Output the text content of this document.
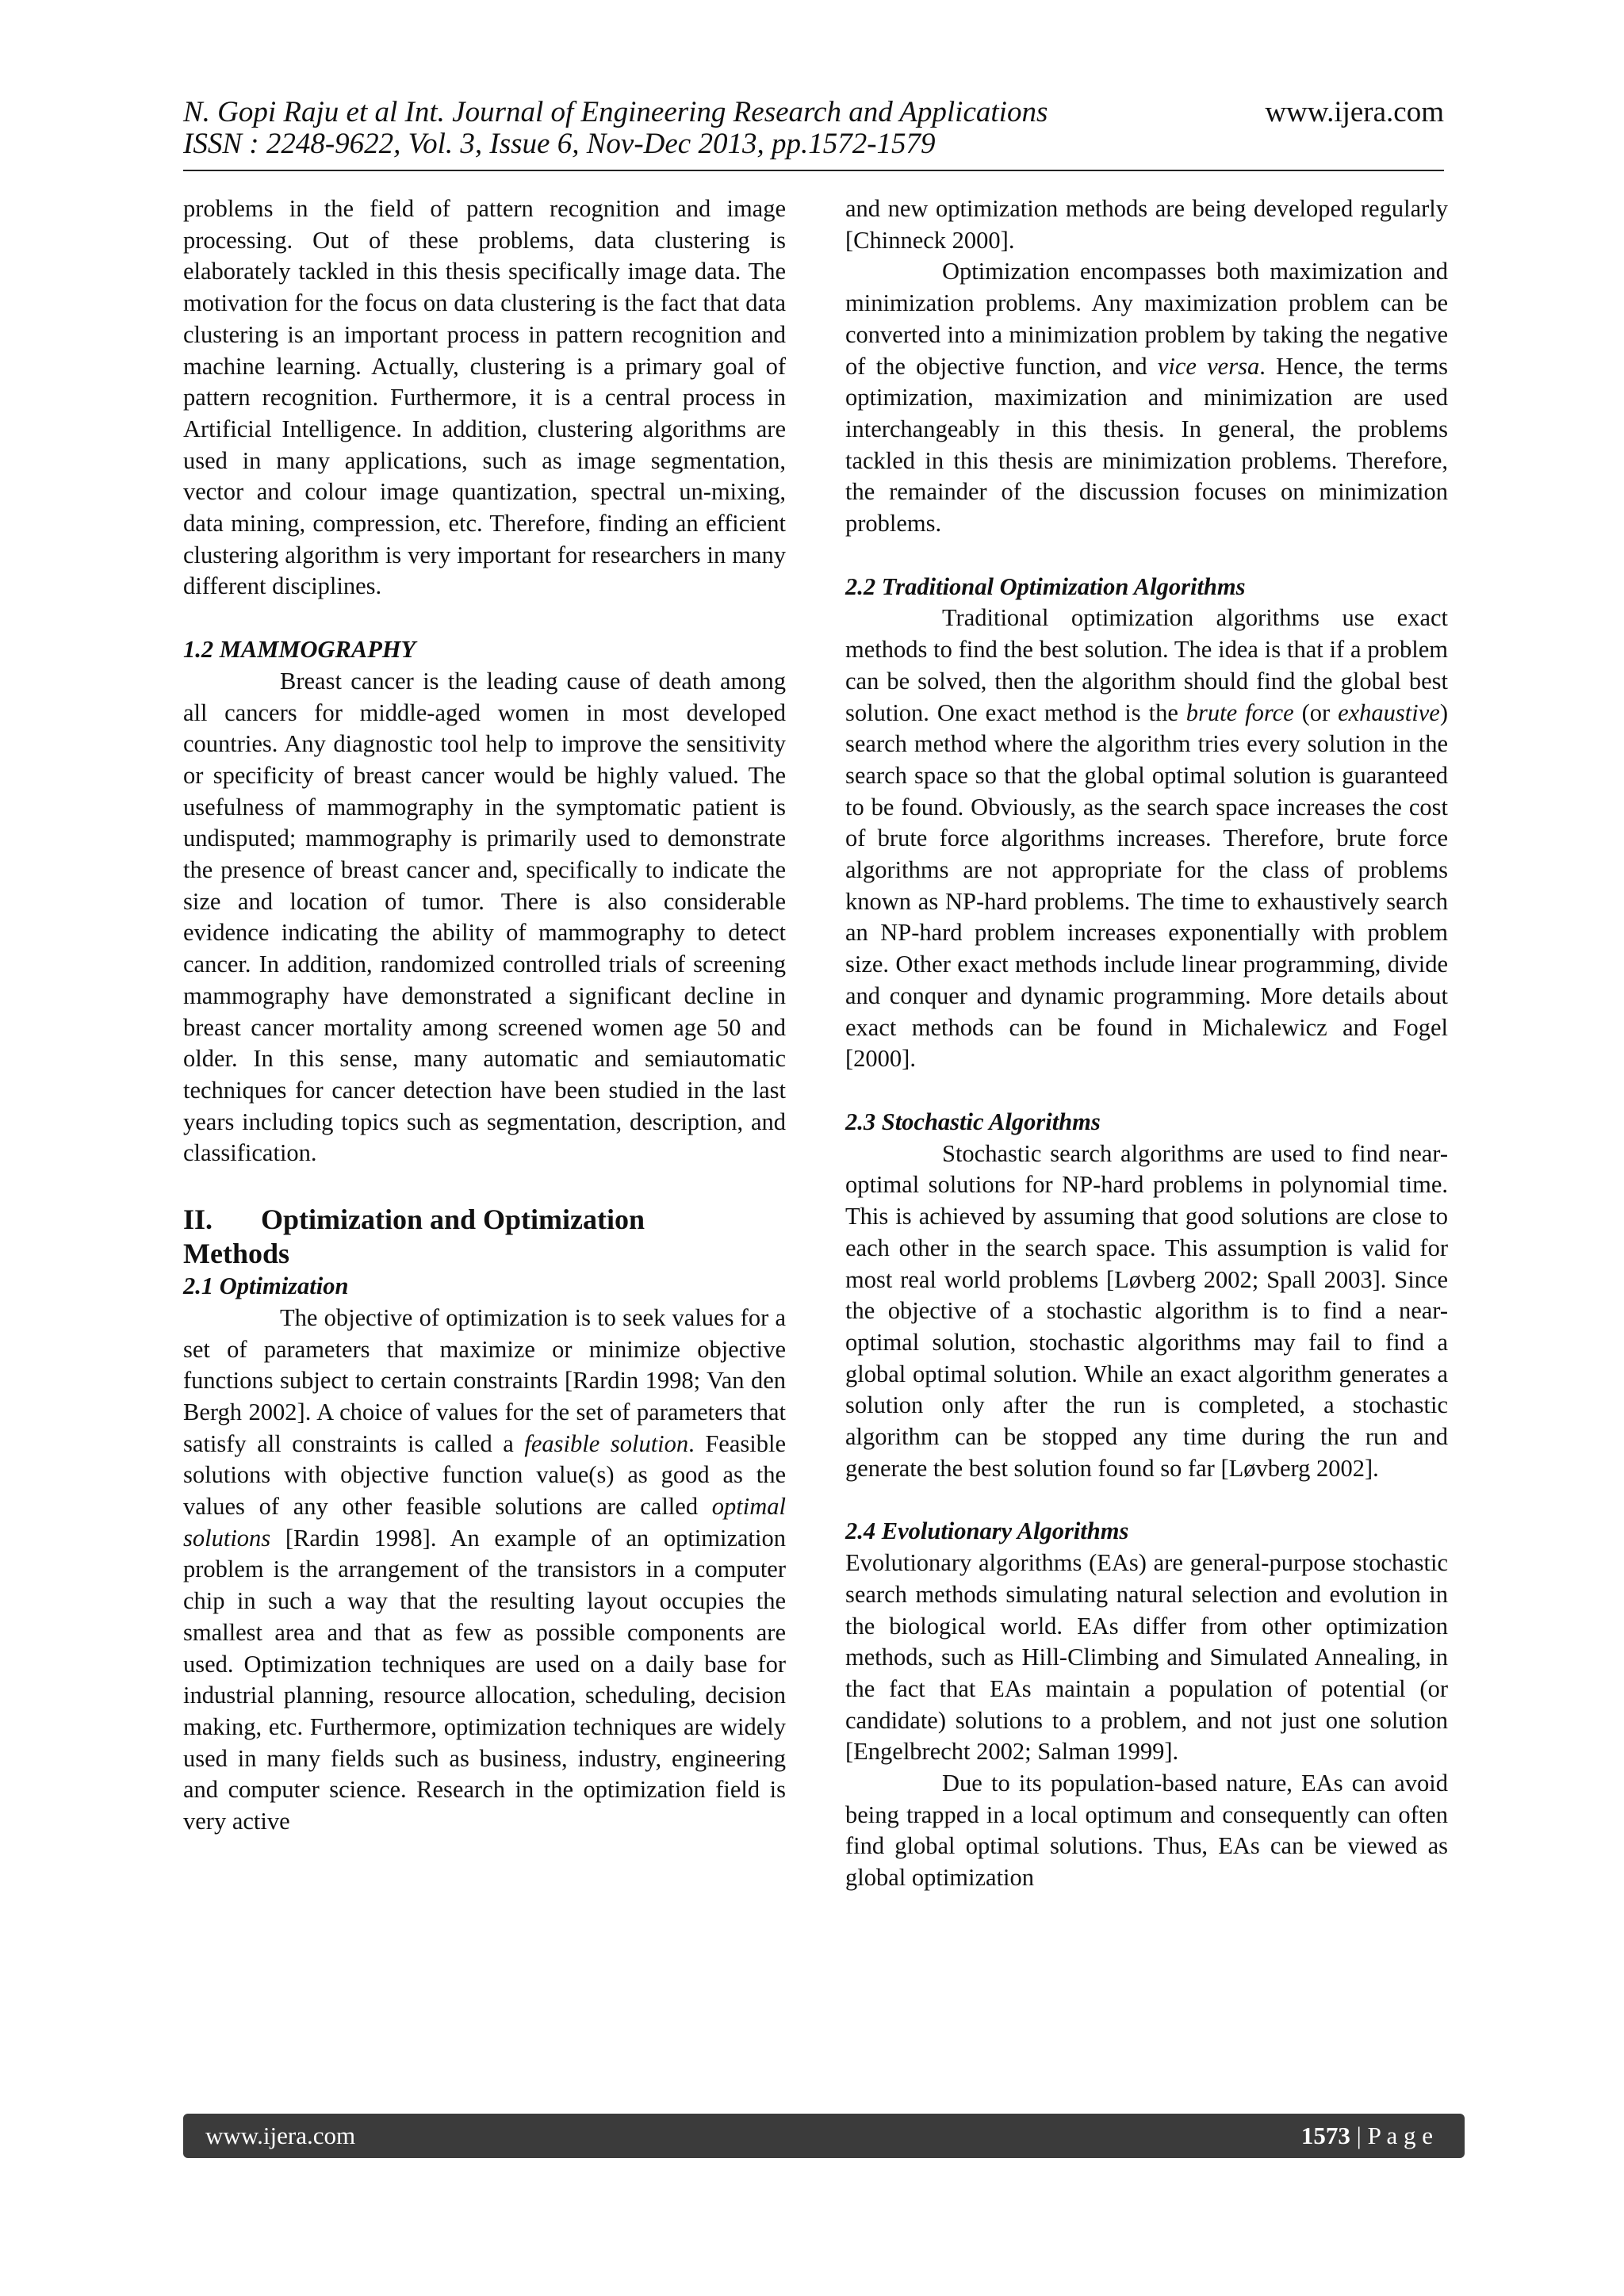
N. Gopi Raju et al Int. Journal of Engineering Research and Applications	www.ijera.com
ISSN : 2248-9622, Vol. 3, Issue 6, Nov-Dec 2013, pp.1572-1579

problems in the field of pattern recognition and image processing. Out of these problems, data clustering is elaborately tackled in this thesis specifically image data. The motivation for the focus on data clustering is the fact that data clustering is an important process in pattern recognition and machine learning. Actually, clustering is a primary goal of pattern recognition. Furthermore, it is a central process in Artificial Intelligence. In addition, clustering algorithms are used in many applications, such as image segmentation, vector and colour image quantization, spectral un-mixing, data mining, compression, etc. Therefore, finding an efficient clustering algorithm is very important for researchers in many different disciplines.

1.2 MAMMOGRAPHY

Breast cancer is the leading cause of death among all cancers for middle-aged women in most developed countries. Any diagnostic tool help to improve the sensitivity or specificity of breast cancer would be highly valued. The usefulness of mammography in the symptomatic patient is undisputed; mammography is primarily used to demonstrate the presence of breast cancer and, specifically to indicate the size and location of tumor. There is also considerable evidence indicating the ability of mammography to detect cancer. In addition, randomized controlled trials of screening mammography have demonstrated a significant decline in breast cancer mortality among screened women age 50 and older. In this sense, many automatic and semiautomatic techniques for cancer detection have been studied in the last years including topics such as segmentation, description, and classification.

II. Optimization and Optimization
Methods

2.1 Optimization

The objective of optimization is to seek values for a set of parameters that maximize or minimize objective functions subject to certain constraints [Rardin 1998; Van den Bergh 2002]. A choice of values for the set of parameters that satisfy all constraints is called a feasible solution. Feasible solutions with objective function value(s) as good as the values of any other feasible solutions are called optimal solutions [Rardin 1998]. An example of an optimization problem is the arrangement of the transistors in a computer chip in such a way that the resulting layout occupies the smallest area and that as few as possible components are used. Optimization techniques are used on a daily base for industrial planning, resource allocation, scheduling, decision making, etc. Furthermore, optimization techniques are widely used in many fields such as business, industry, engineering and computer science. Research in the optimization field is very active

and new optimization methods are being developed regularly [Chinneck 2000].

Optimization encompasses both maximization and minimization problems. Any maximization problem can be converted into a minimization problem by taking the negative of the objective function, and vice versa. Hence, the terms optimization, maximization and minimization are used interchangeably in this thesis. In general, the problems tackled in this thesis are minimization problems. Therefore, the remainder of the discussion focuses on minimization problems.

2.2 Traditional Optimization Algorithms

Traditional optimization algorithms use exact methods to find the best solution. The idea is that if a problem can be solved, then the algorithm should find the global best solution. One exact method is the brute force (or exhaustive) search method where the algorithm tries every solution in the search space so that the global optimal solution is guaranteed to be found. Obviously, as the search space increases the cost of brute force algorithms increases. Therefore, brute force algorithms are not appropriate for the class of problems known as NP-hard problems. The time to exhaustively search an NP-hard problem increases exponentially with problem size. Other exact methods include linear programming, divide and conquer and dynamic programming. More details about exact methods can be found in Michalewicz and Fogel [2000].

2.3 Stochastic Algorithms

Stochastic search algorithms are used to find near-optimal solutions for NP-hard problems in polynomial time. This is achieved by assuming that good solutions are close to each other in the search space. This assumption is valid for most real world problems [Løvberg 2002; Spall 2003]. Since the objective of a stochastic algorithm is to find a near-optimal solution, stochastic algorithms may fail to find a global optimal solution. While an exact algorithm generates a solution only after the run is completed, a stochastic algorithm can be stopped any time during the run and generate the best solution found so far [Løvberg 2002].

2.4 Evolutionary Algorithms

Evolutionary algorithms (EAs) are general-purpose stochastic search methods simulating natural selection and evolution in the biological world. EAs differ from other optimization methods, such as Hill-Climbing and Simulated Annealing, in the fact that EAs maintain a population of potential (or candidate) solutions to a problem, and not just one solution [Engelbrecht 2002; Salman 1999].

Due to its population-based nature, EAs can avoid being trapped in a local optimum and consequently can often find global optimal solutions. Thus, EAs can be viewed as global optimization

www.ijera.com	1573 | P a g e
